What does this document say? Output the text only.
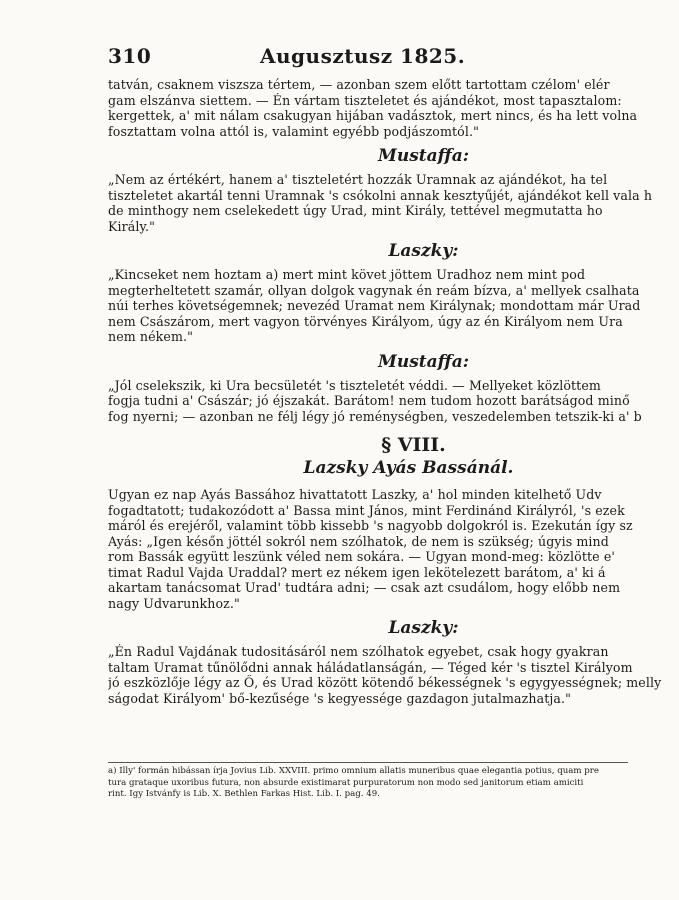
310	Augusztusz 1825.
tatván, csaknem viszsza tértem, — azonban szem előtt tartottam czélom' elér
gam elszánva siettem. — Én vártam tiszteletet és ajándékot, most tapasztalom:
kergettek, a' mit nálam csakugyan hijában vadásztok, mert nincs, és ha lett volna
fosztattam volna attól is, valamint egyébb podjászomtól."
Mustaffa:
„Nem az értékért, hanem a' tiszteletért hozzák Uramnak az ajándékot, ha tel
tiszteletet akartál tenni Uramnak 's csókolni annak kesztyűjét, ajándékot kell vala h
de minthogy nem cselekedett úgy Urad, mint Király, tettével megmutatta ho
Király."
Laszky:
„Kincseket nem hoztam a) mert mint követ jöttem Uradhoz nem mint pod
megterheltetett szamár, ollyan dolgok vagynak én reám bízva, a' mellyek csalhata
núi terhes követségemnek; nevezéd Uramat nem Királynak; mondottam már Urad
nem Császárom, mert vagyon törvényes Királyom, úgy az én Királyom nem Ura
nem nékem."
Mustaffa:
„Jól cselekszik, ki Ura becsületét 's tiszteletét véddi. — Mellyeket közlöttem
fogja tudni a' Császár; jó éjszakát. Barátom! nem tudom hozott barátságod minő
fog nyerni; — azonban ne félj légy jó reménységben, veszedelemben tetszik-ki a' b
§ VIII.
Lazsky Ayás Bassánál.
Ugyan ez nap Ayás Bassához hivattatott Laszky, a' hol minden kitelhető Udv
fogadtatott; tudakozódott a' Bassa mint János, mint Ferdinánd Királyról, 's ezek
máról és erejéről, valamint több kissebb 's nagyobb dolgokról is. Ezekután így sz
Ayás: „Igen későn jöttél sokról nem szólhatok, de nem is szükség; úgyis mind
rom Bassák együtt leszünk véled nem sokára. — Ugyan mond-meg: közlötte e'
timat Radul Vajda Uraddal? mert ez nékem igen lekötelezett barátom, a' ki á
akartam tanácsomat Urad' tudtára adni; — csak azt csudálom, hogy előbb nem
nagy Udvarunkhoz."
Laszky:
„Én Radul Vajdának tudositásáról nem szólhatok egyebet, csak hogy gyakran
taltam Uramat tűnölődni annak háládatlanságán, — Téged kér 's tisztel Királyom
jó eszközlője légy az Ő, és Urad között kötendő békességnek 's egygyességnek; melly
ságodat Királyom' bő-kezűsége 's kegyessége gazdagon jutalmazhatja."
a) Illy' formán hibássan írja Jovius Lib. XXVIII. primo omnium allatis muneribus quae elegantia potius, quam pre
tura grataque uxoribus futura, non absurde existimarat purpuratorum non modo sed janitorum etiam amiciti
rint. Igy Istvánfy is Lib. X. Bethlen Farkas Hist. Lib. I. pag. 49.
